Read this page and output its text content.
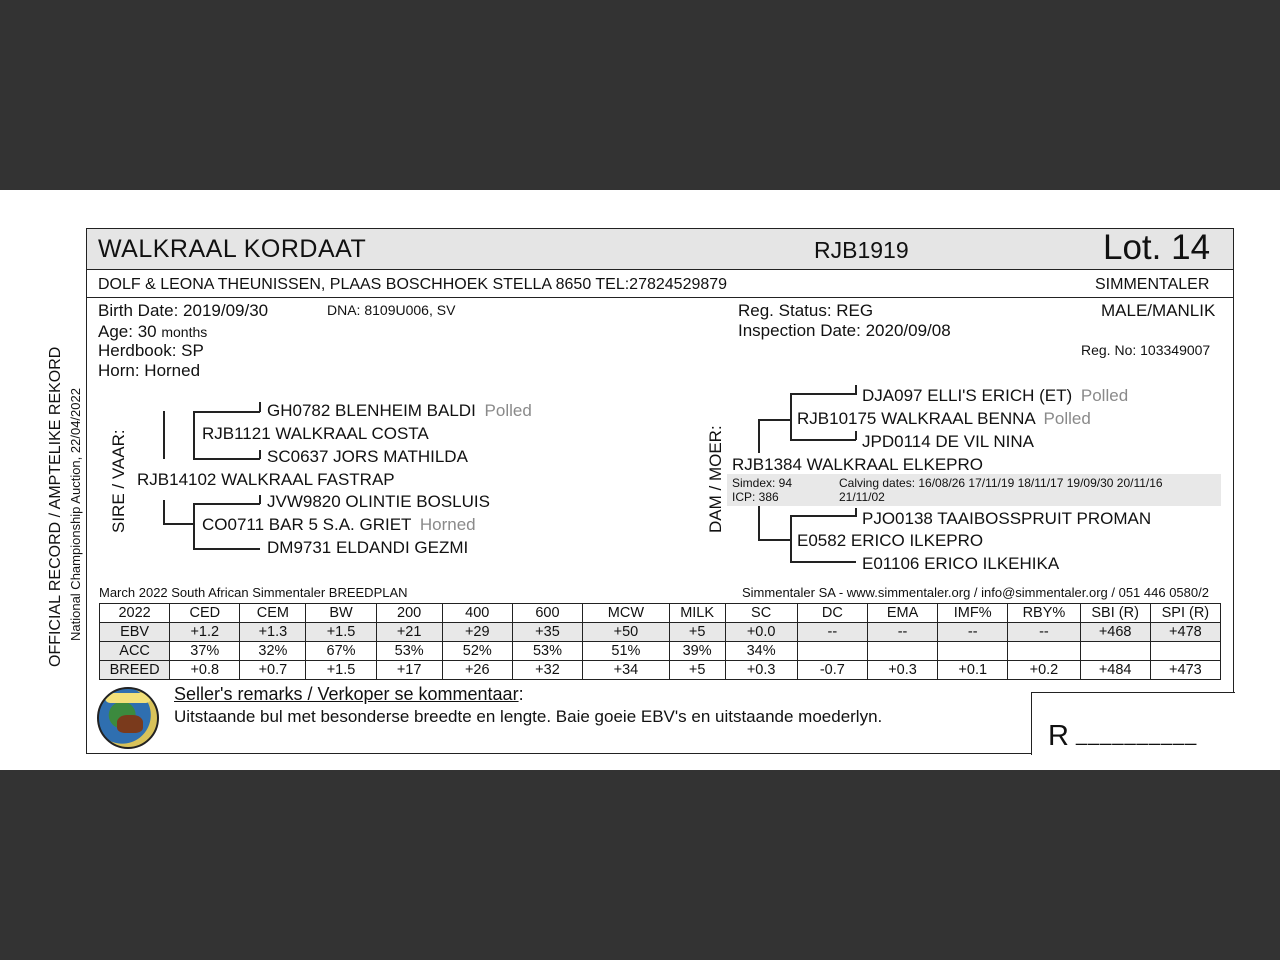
OFFICIAL RECORD / AMPTELIKE REKORD National Championship Auction, 22/04/2022
WALKRAAL KORDAAT	RJB1919	Lot. 14
DOLF & LEONA THEUNISSEN, PLAAS BOSCHHOEK STELLA 8650 TEL:27824529879	SIMMENTALER
Birth Date: 2019/09/30	DNA: 8109U006, SV
Age: 30 months
Herdbook: SP
Horn: Horned
Reg. Status: REG
Inspection Date: 2020/09/08
MALE/MANLIK
Reg. No: 103349007
SIRE / VAAR:
GH0782 BLENHEIM BALDI Polled
RJB1121 WALKRAAL COSTA
SC0637 JORS MATHILDA
RJB14102 WALKRAAL FASTRAP
JVW9820 OLINTIE BOSLUIS
CO0711 BAR 5 S.A. GRIET Horned
DM9731 ELDANDI GEZMI
DAM / MOER:
DJA097 ELLI'S ERICH (ET) Polled
RJB10175 WALKRAAL BENNA Polled
JPD0114 DE VIL NINA
RJB1384 WALKRAAL ELKEPRO
Simdex: 94
ICP: 386
Calving dates: 16/08/26 17/11/19 18/11/17 19/09/30 20/11/16
21/11/02
PJO0138 TAAIBOSSPRUIT PROMAN
E0582 ERICO ILKEPRO
E01106 ERICO ILKEHIKA
March 2022 South African Simmentaler BREEDPLAN	Simmentaler SA - www.simmentaler.org / info@simmentaler.org / 051 446 0580/2
2022	CED	CEM	BW	200	400	600	MCW	MILK	SC	DC	EMA	IMF%	RBY%	SBI (R)	SPI (R)
EBV	+1.2	+1.3	+1.5	+21	+29	+35	+50	+5	+0.0	--	--	--	--	+468	+478
ACC	37%	32%	67%	53%	52%	53%	51%	39%	34%						
BREED	+0.8	+0.7	+1.5	+17	+26	+32	+34	+5	+0.3	-0.7	+0.3	+0.1	+0.2	+484	+473
Seller's remarks / Verkoper se kommentaar:
Uitstaande bul met besonderse breedte en lengte. Baie goeie EBV's en uitstaande moederlyn.
R __________
